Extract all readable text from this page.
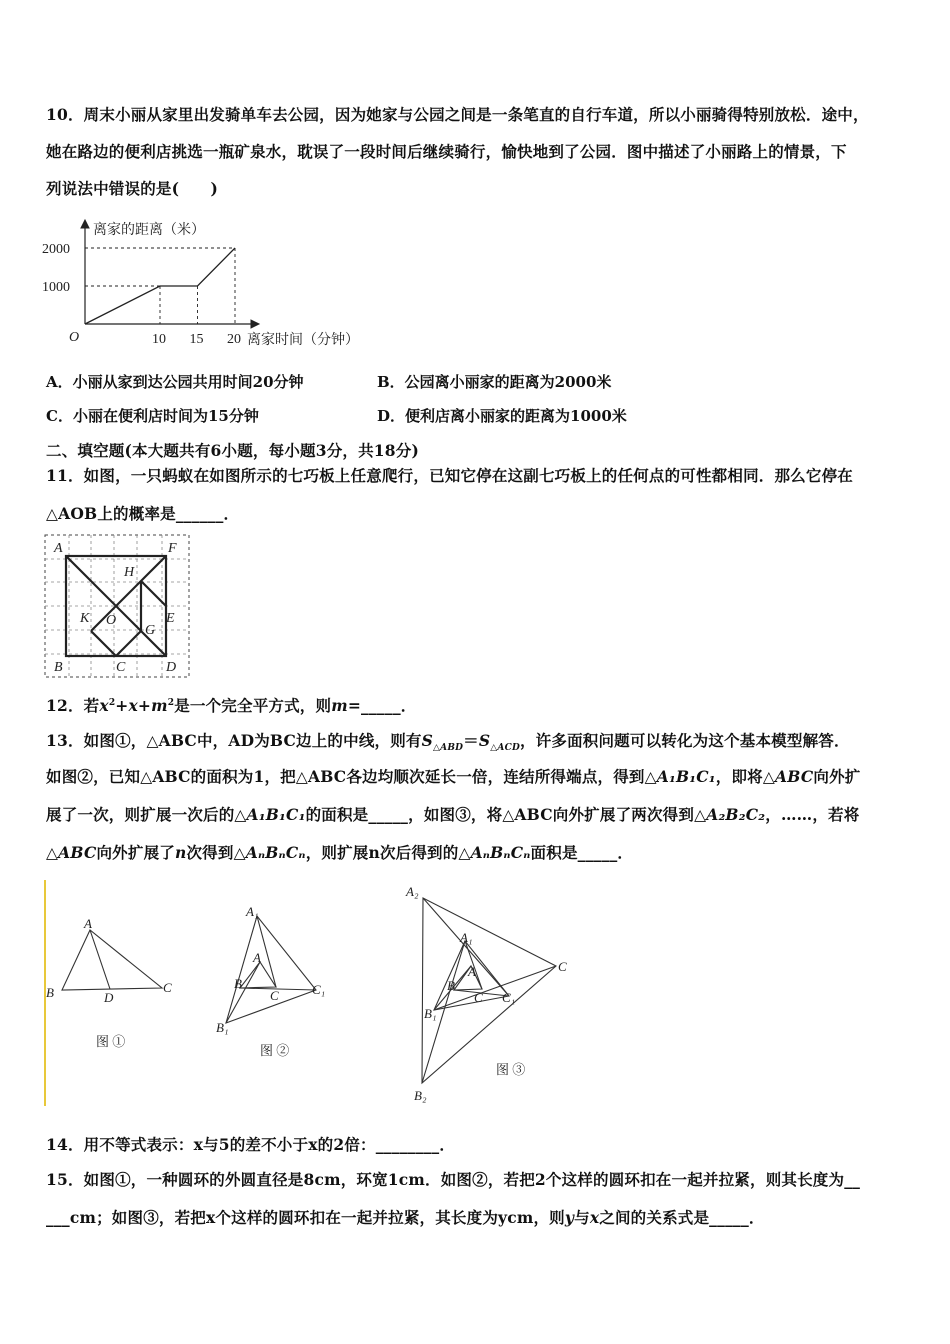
10．周末小丽从家里出发骑单车去公园，因为她家与公园之间是一条笔直的自行车道，所以小丽骑得特别放松．途中，
她在路边的便利店挑选一瓶矿泉水，耽误了一段时间后继续骑行，愉快地到了公园．图中描述了小丽路上的情景，下
列说法中错误的是(　　)
10 15 20
1000
2000
O
离家的距离（米）
离家时间（分钟）
A．小丽从家到达公园共用时间20分钟	B．公园离小丽家的距离为2000米
C．小丽在便利店时间为15分钟	D．便利店离小丽家的距离为1000米
二、填空题(本大题共有6小题，每小题3分，共18分)
11．如图，一只蚂蚁在如图所示的七巧板上任意爬行，已知它停在这副七巧板上的任何点的可性都相同．那么它停在
△AOB上的概率是______．
A	F
H
K O
G
E
B	C	D
12．若$x^2+x+m^2$是一个完全平方式，则m=_____．
13．如图①，△ABC中，AD为BC边上的中线，则有$S_{\triangle ABD}=S_{\triangle ACD}$，许多面积问题可以转化为这个基本模型解答．
如图②，已知△ABC的面积为1，把△ABC各边均顺次延长一倍，连结所得端点，得到△A₁B₁C₁，即将△ABC向外扩
展了一次，则扩展一次后的△A₁B₁C₁的面积是_____，如图③，将△ABC向外扩展了两次得到△A₂B₂C₂，……，若将
△ABC向外扩展了n次得到△AₙBₙCₙ，则扩展n次后得到的△AₙBₙCₙ面积是_____．
A
B	D
C
A₁
A
B
C	C₁
B₁
A₂
A₁
A
B
C C₁
B₁
C
B₂
图 ①
图 ②
图 ③
14．用不等式表示：x与5的差不小于x的2倍：________．
15．如图①，一种圆环的外圆直径是8cm，环宽1cm．如图②，若把2个这样的圆环扣在一起并拉紧，则其长度为__
___cm；如图③，若把x个这样的圆环扣在一起并拉紧，其长度为ycm，则y与x之间的关系式是_____．
